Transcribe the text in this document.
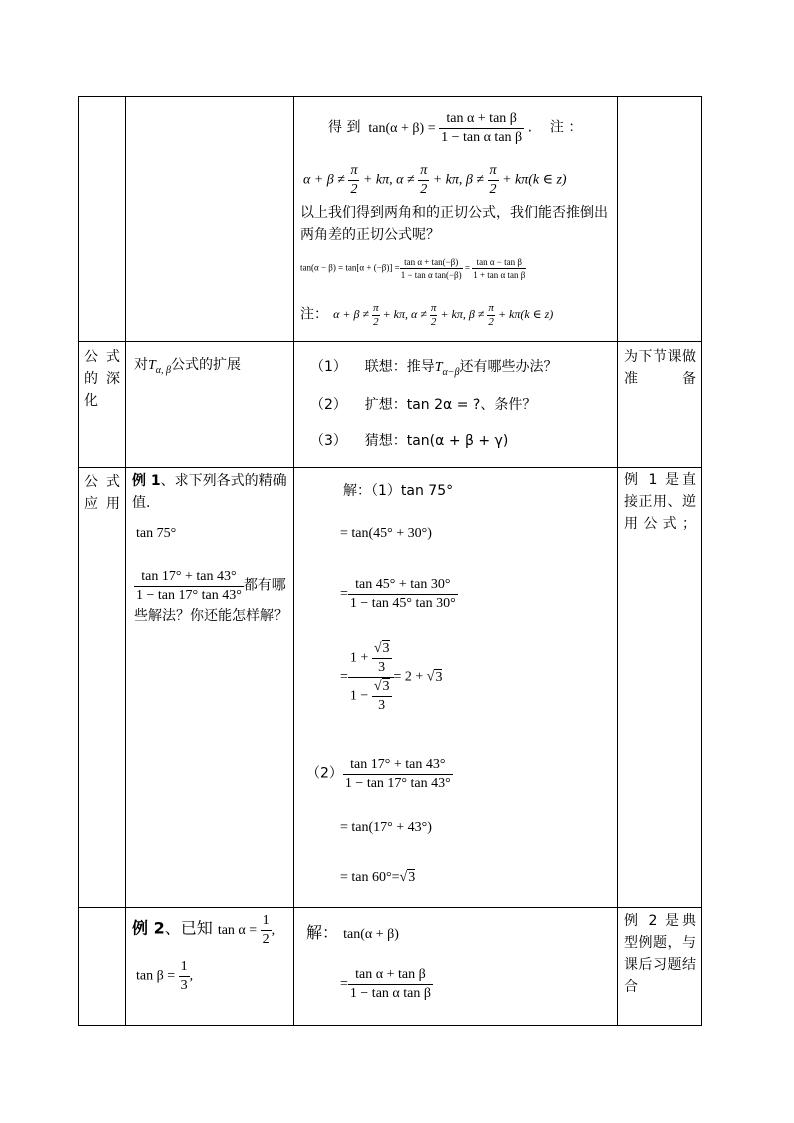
得 到  $\tan(\alpha + \beta) = \frac{\text{tan α + tan β}}{\text{1 − tan α tan β}}$ .    注 ：
$\alpha + \beta \ne \frac{\pi}{2} + k\pi$, $\alpha \ne \frac{\pi}{2} + k\pi$, $\beta \ne \frac{\pi}{2} + k\pi(k$ ∈ z)
以上我们得到两角和的正切公式，我们能否推倒出两角差的正切公式呢？
$\tan(\alpha - \beta) = \tan[\alpha + (-\beta)] = \frac{\text{tan α + tan(−β)}}{\text{1 − tan α tan(−β)}} = \frac{\text{tan α − tan β}}{\text{1 + tan α tan β}}$
注： $\alpha + \beta \ne \frac{\pi}{2} + k\pi$, $\alpha \ne \frac{\pi}{2} + k\pi$, $\beta \ne \frac{\pi}{2} + k\pi(k$ ∈ z)
公式的深化
对$T_{\alpha, \beta}$公式的扩展	（1） 联想：推导$T_{\alpha-\beta}$还有哪些办法？
（2） 扩想：tan 2α = ?、条件？
（3） 猜想：tan(α + β + γ)
为下节课做准备
公式应用
例 1、求下列各式的精确值.
tan 75°
$\frac{\tan 17^\circ + \tan 43^\circ}{1 - \tan 17^\circ \tan 43^\circ}$ 都有哪些解法？你还能怎样解？
解：（1）tan 75°
= tan(45° + 30°)
= $\frac{\tan 45^\circ + \tan 30^\circ}{1 - \tan 45^\circ \tan 30^\circ}$
= $\frac{1 + \frac{√3}{3}}{1 - \frac{√3}{3}} = 2 + √3$
$(2) \frac{\tan 17^\circ + \tan 43^\circ}{1 - \tan 17^\circ \tan 43^\circ}$
= tan(17° + 43°)
= tan 60°=√3
例 1 是直接正用、逆用公式；
例 2、已知 $\tan \alpha = \frac{1}{2}$ ,
$\tan \beta = \frac{1}{3}$ ,
解： tan(α + β)
= $\frac{\text{tan α + tan β}}{\text{1 − tan α tan β}}$
例 2 是典型例题，与课后习题结合
